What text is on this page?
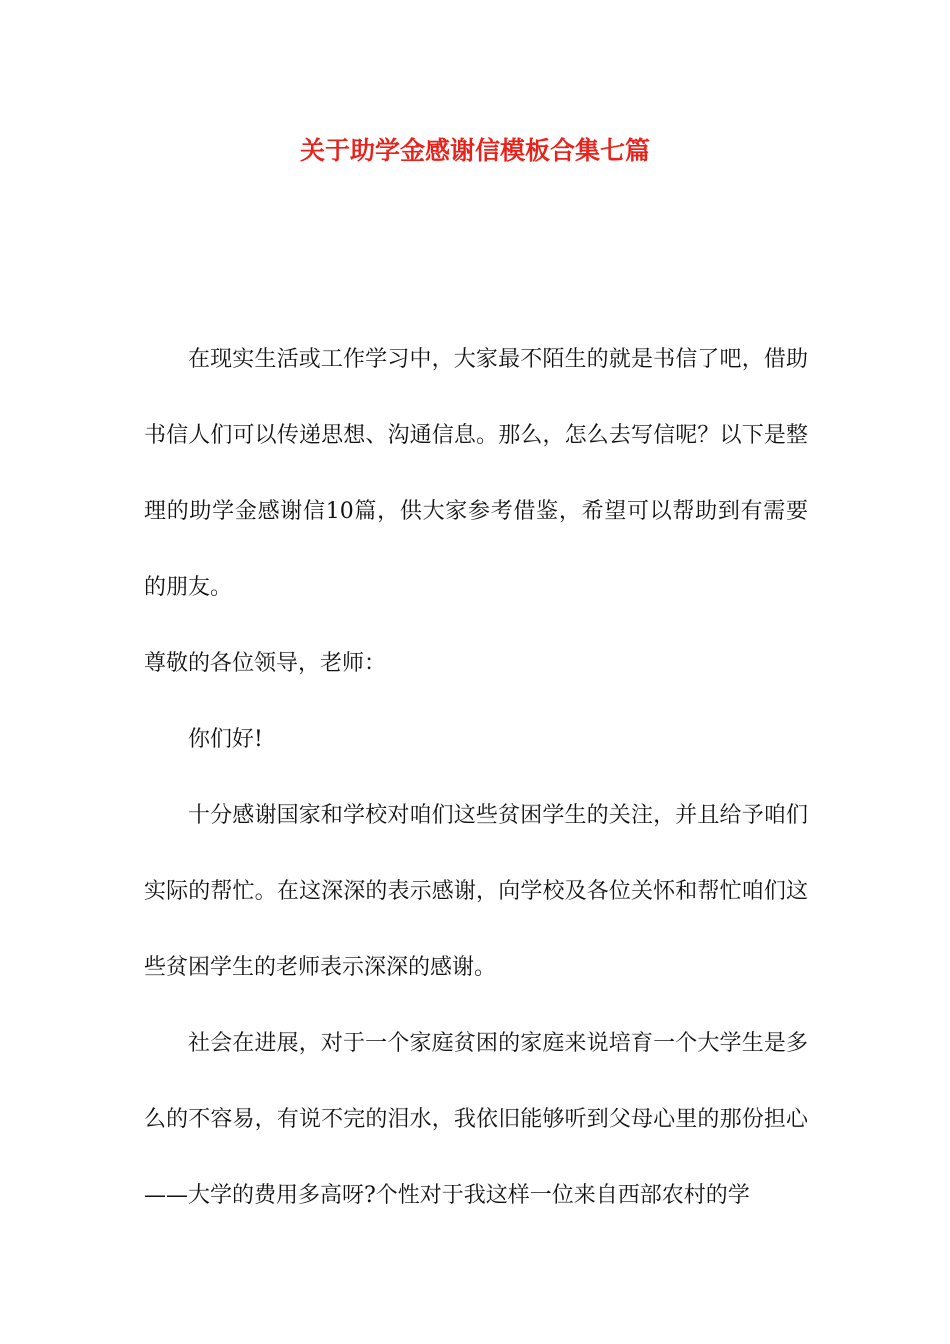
关于助学金感谢信模板合集七篇

在现实生活或工作学习中，大家最不陌生的就是书信了吧，借助书信人们可以传递思想、沟通信息。那么，怎么去写信呢？以下是整理的助学金感谢信10篇，供大家参考借鉴，希望可以帮助到有需要的朋友。

尊敬的各位领导，老师：

你们好!

十分感谢国家和学校对咱们这些贫困学生的关注，并且给予咱们实际的帮忙。在这深深的表示感谢，向学校及各位关怀和帮忙咱们这些贫困学生的老师表示深深的感谢。

社会在进展，对于一个家庭贫困的家庭来说培育一个大学生是多么的不容易，有说不完的泪水，我依旧能够听到父母心里的那份担心——大学的费用多高呀?个性对于我这样一位来自西部农村的学
